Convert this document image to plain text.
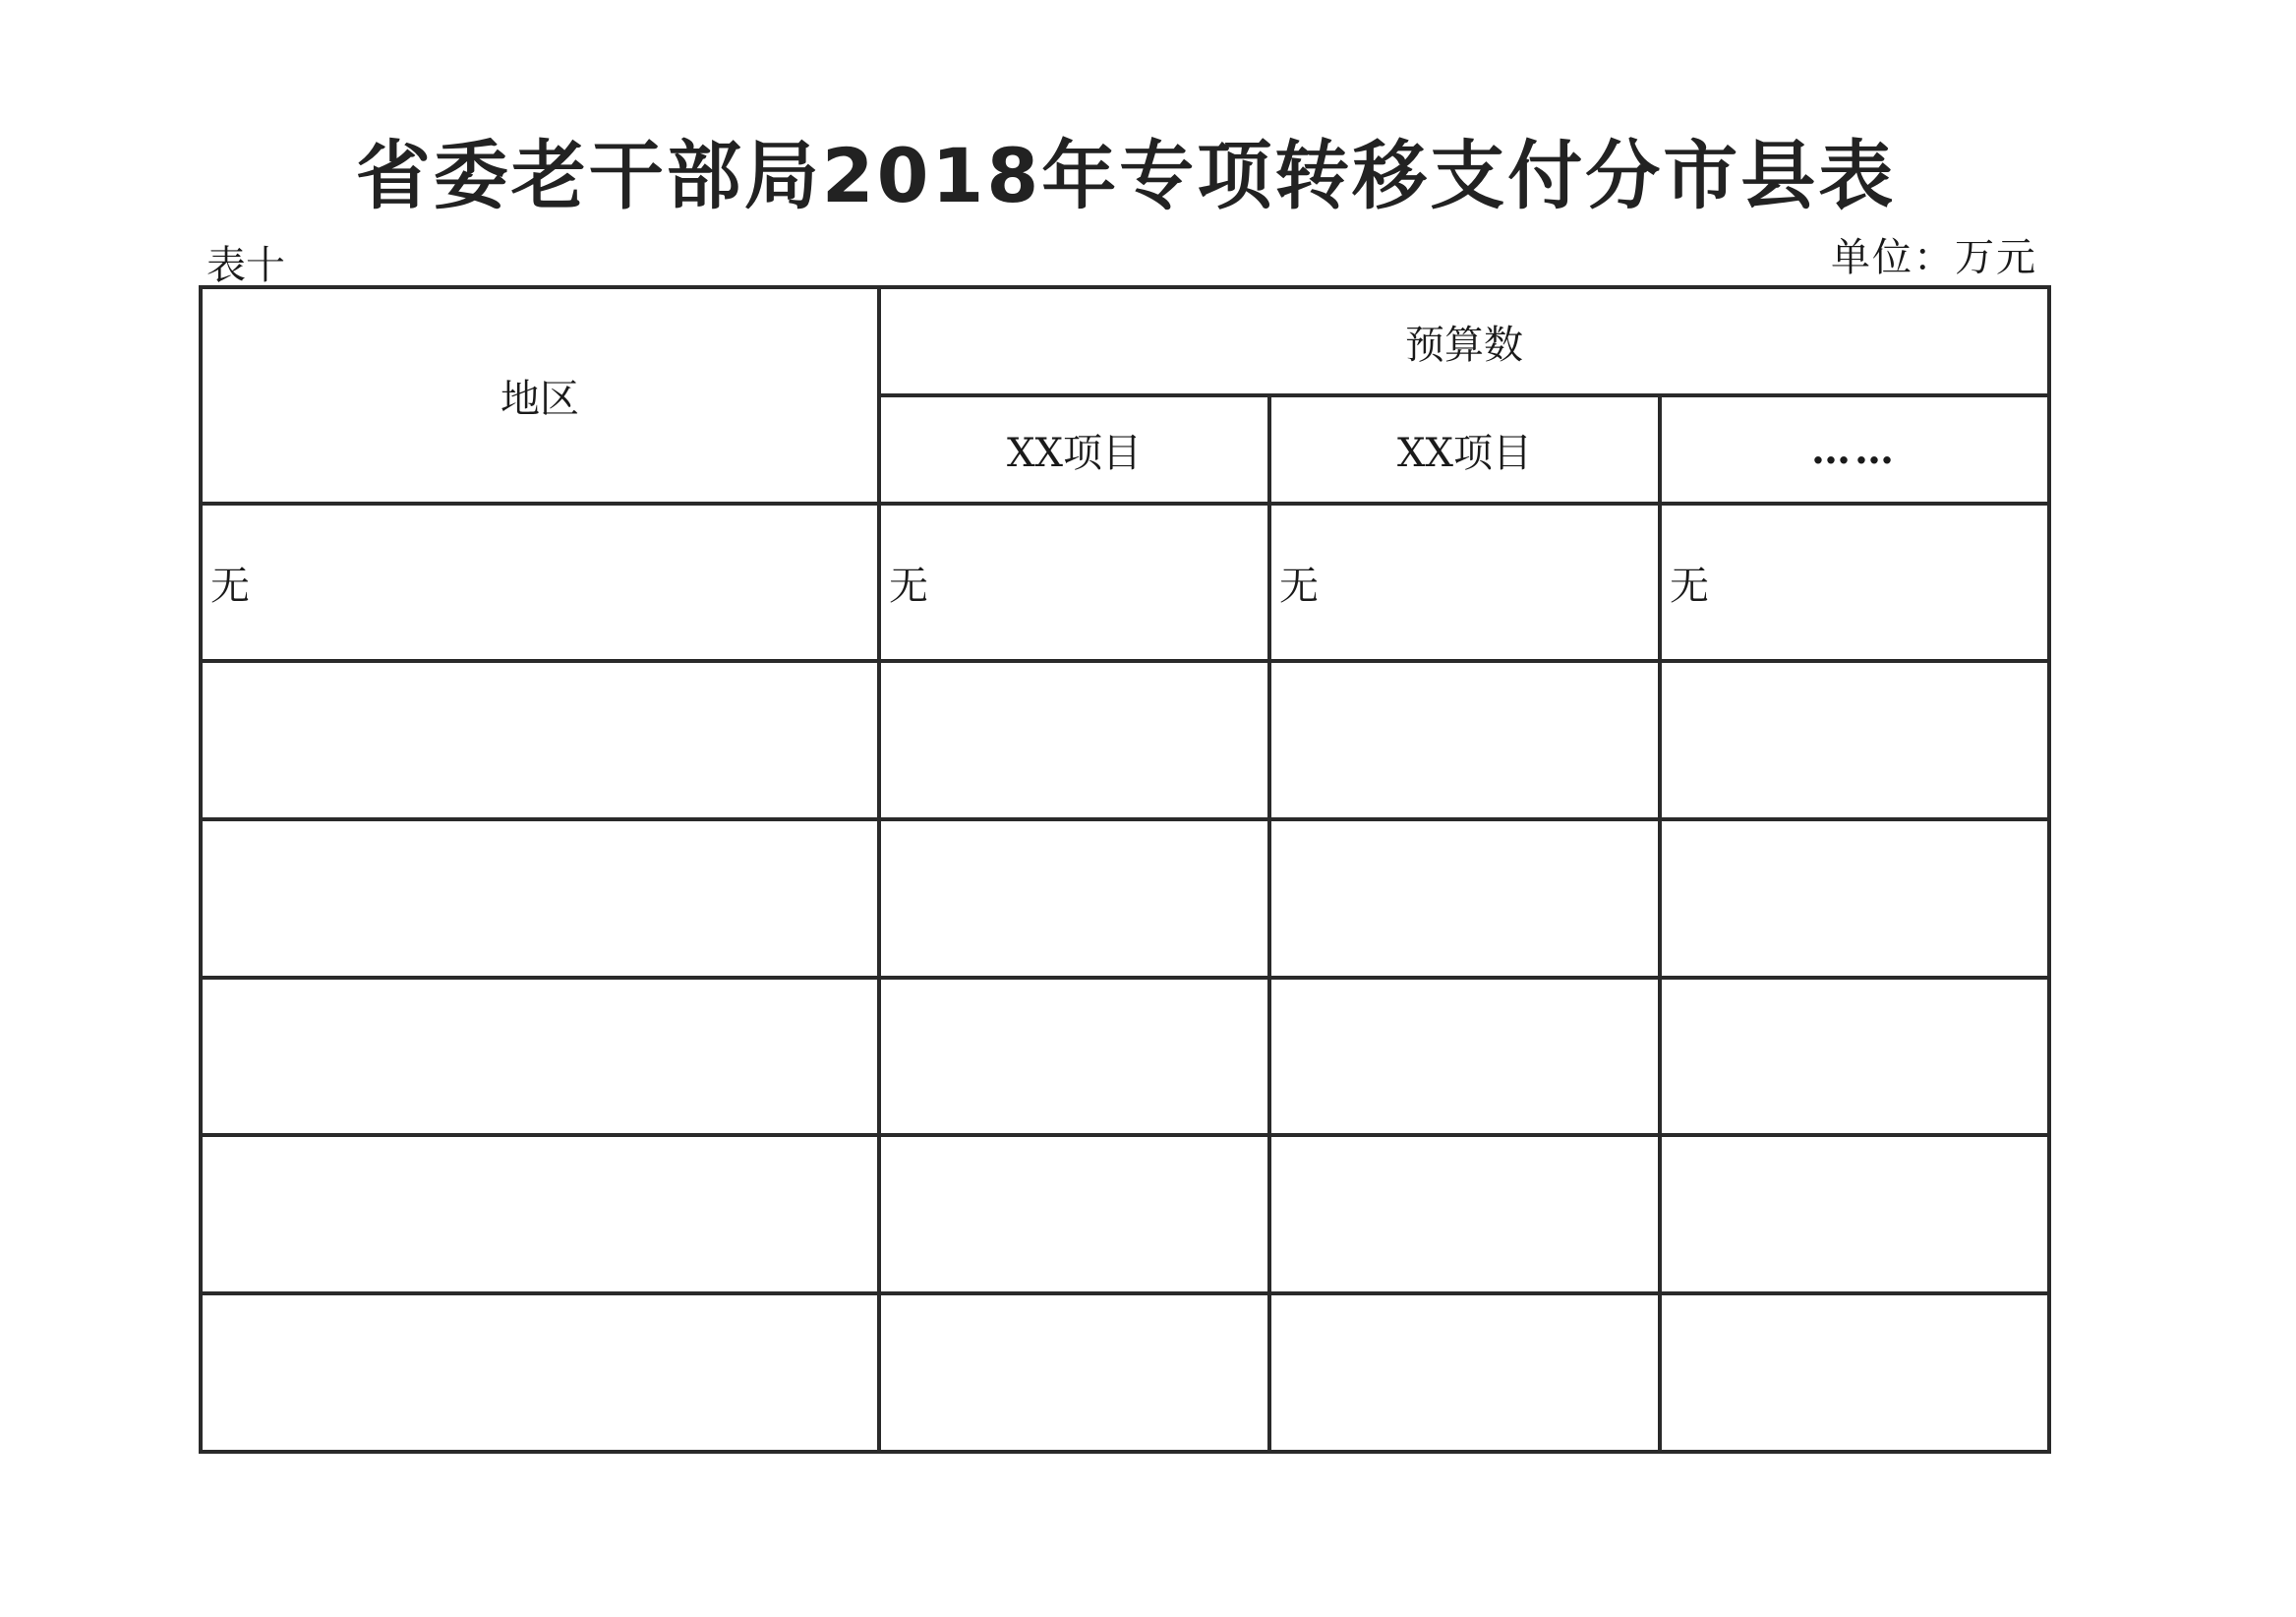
省委老干部局2018年专项转移支付分市县表
表十	单位：万元
地区	预算数		
	XX项目	XX项目	……
无	无	无	无
